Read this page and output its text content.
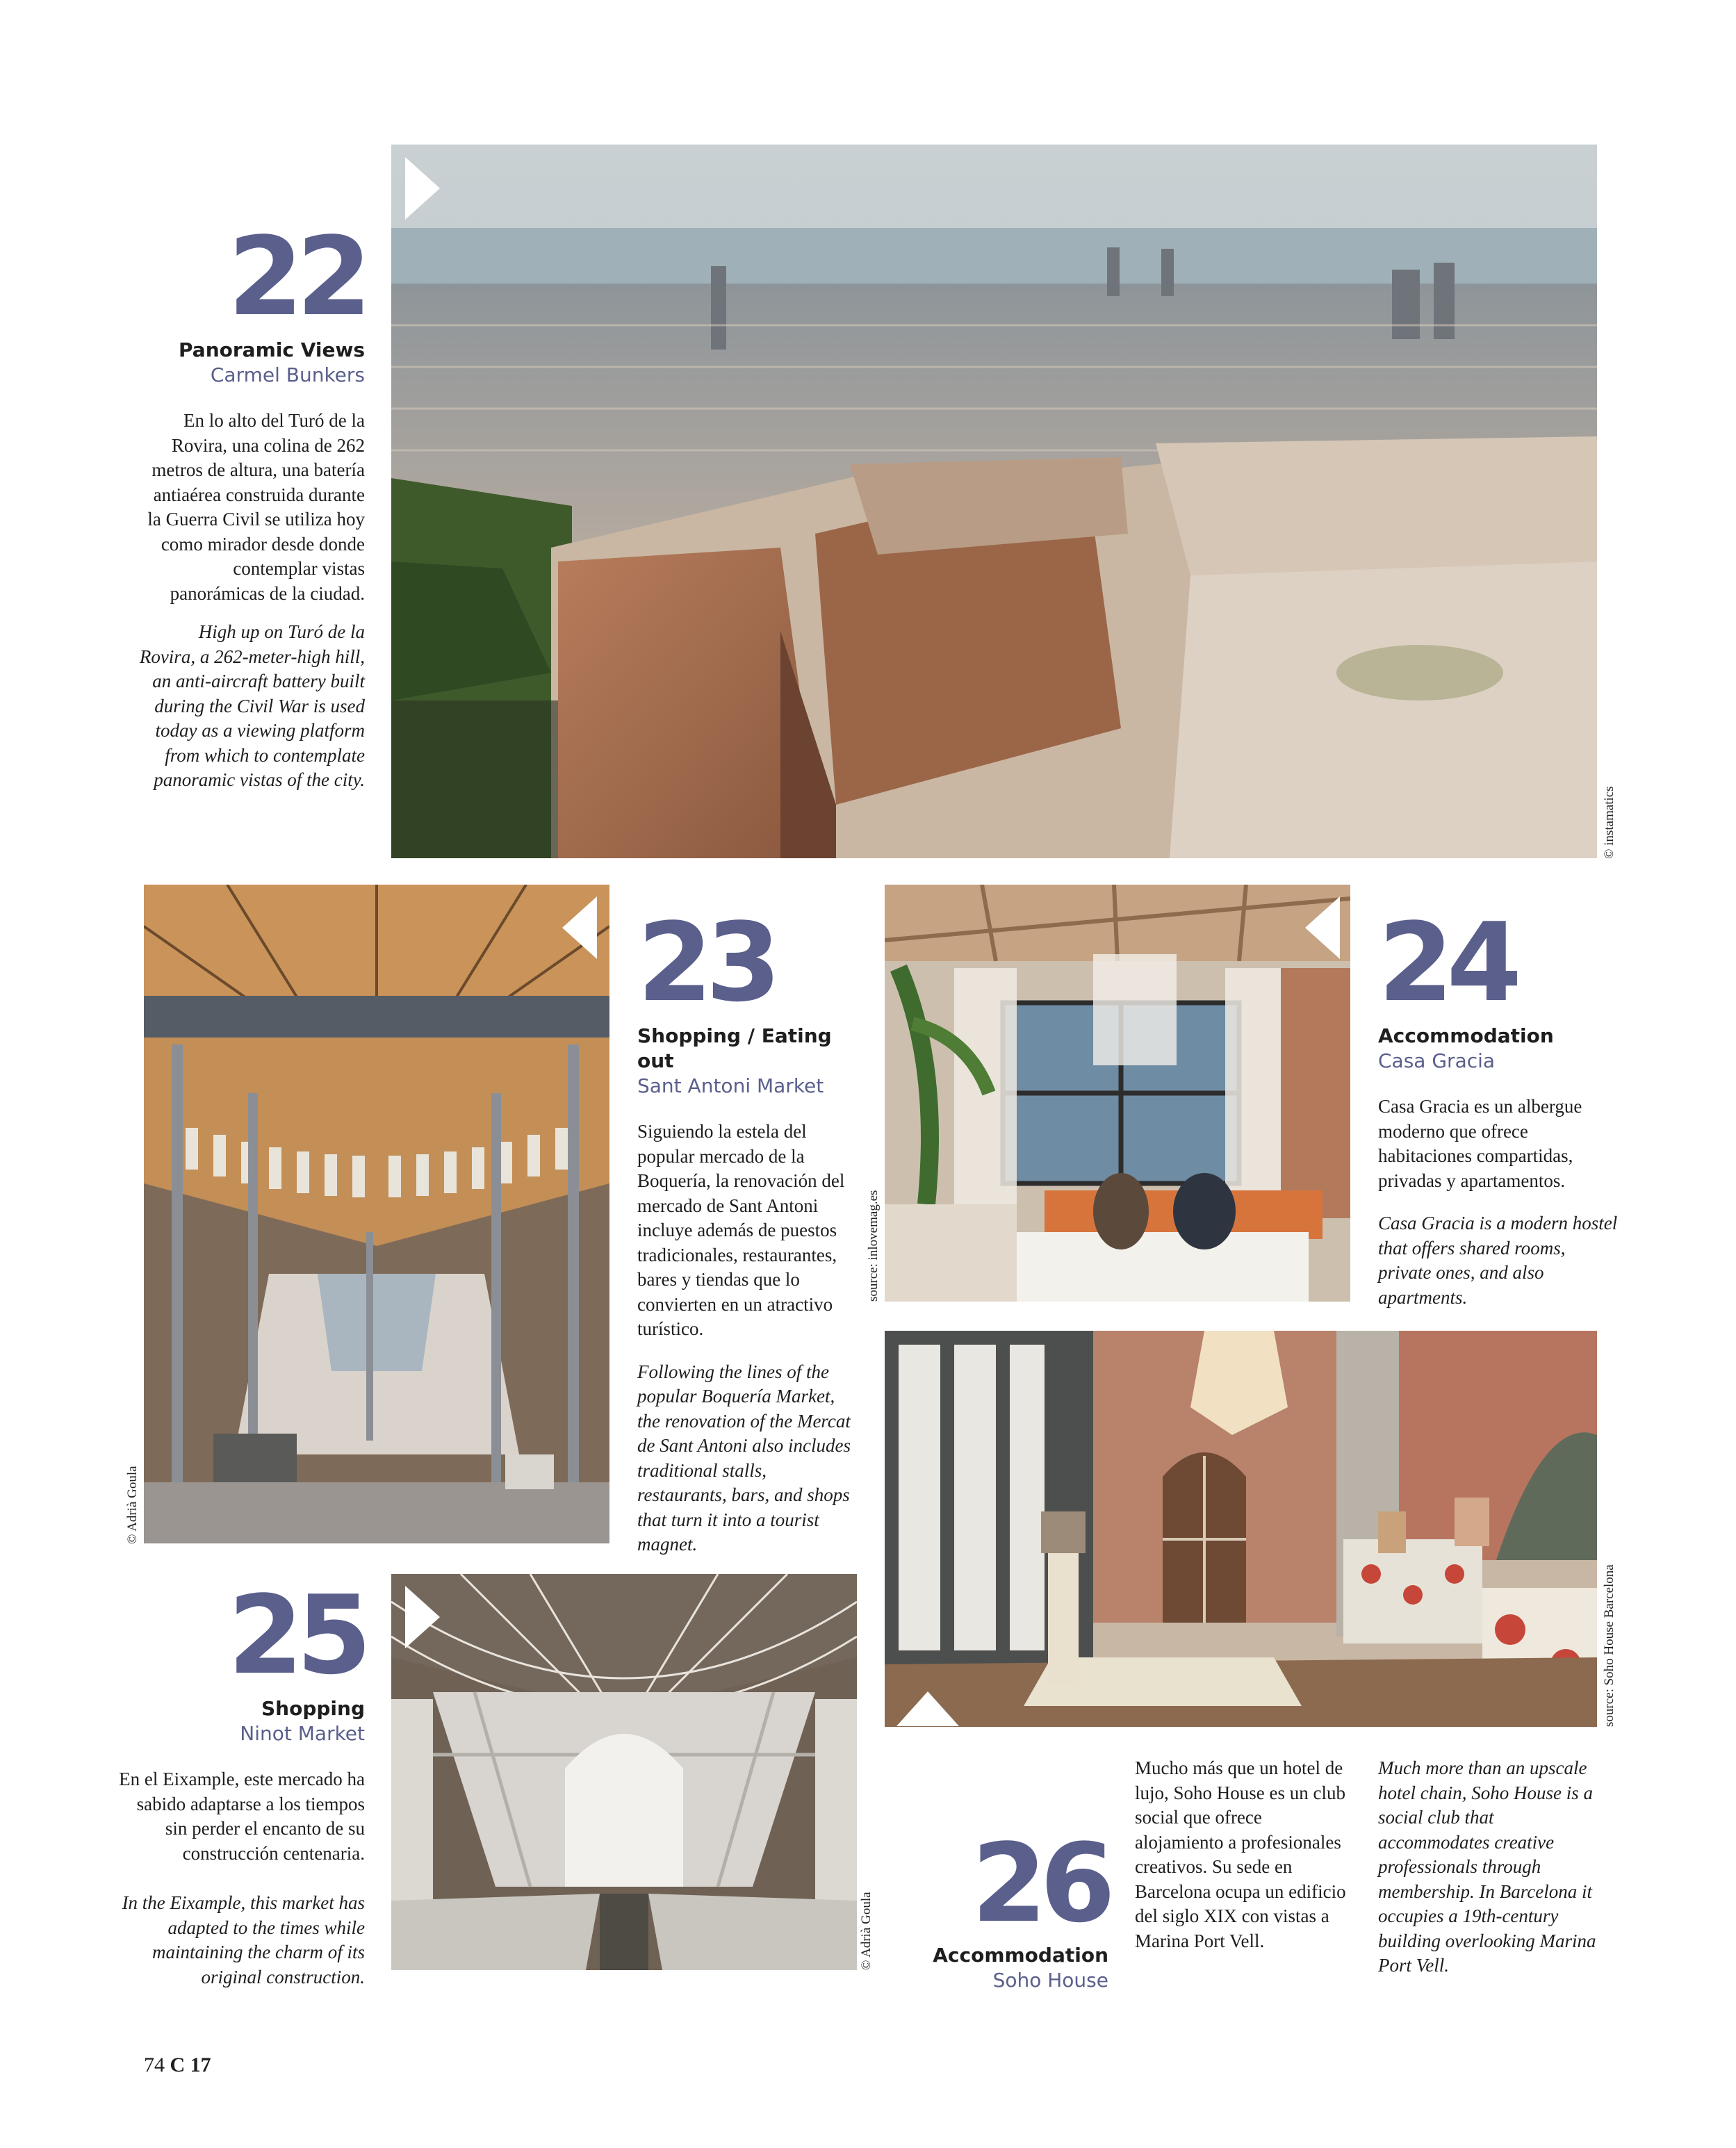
© instamatics
22
Panoramic Views
Carmel Bunkers
En lo alto del Turó de la Rovira, una colina de 262 metros de altura, una batería antiaérea construida durante la Guerra Civil se utiliza hoy como mirador desde donde contemplar vistas panorámicas de la ciudad.
High up on Turó de la Rovira, a 262-meter-high hill, an anti-aircraft battery built during the Civil War is used today as a viewing platform from which to contemplate panoramic vistas of the city.
© Adrià Goula
23
Shopping / Eating out
Sant Antoni Market
Siguiendo la estela del popular mercado de la Boquería, la renovación del mercado de Sant Antoni incluye además de puestos tradicionales, restaurantes, bares y tiendas que lo convierten en un atractivo turístico.
Following the lines of the popular Boquería Market, the renovation of the Mercat de Sant Antoni also includes traditional stalls, restaurants, bars, and shops that turn it into a tourist magnet.
source: inlovemag.es
24
Accommodation
Casa Gracia
Casa Gracia es un albergue moderno que ofrece habitaciones compartidas, privadas y apartamentos.
Casa Gracia is a modern hostel that offers shared rooms, private ones, and also apartments.
source: Soho House Barcelona
© Adrià Goula
25
Shopping
Ninot Market
En el Eixample, este mercado ha sabido adaptarse a los tiempos sin perder el encanto de su construcción centenaria.
In the Eixample, this market has adapted to the times while maintaining the charm of its original construction.
26
Accommodation
Soho House
Mucho más que un hotel de lujo, Soho House es un club social que ofrece alojamiento a profesionales creativos. Su sede en Barcelona ocupa un edificio del siglo XIX con vistas a Marina Port Vell.
Much more than an upscale hotel chain, Soho House is a social club that accommodates creative professionals through membership. In Barcelona it occupies a 19th-century building overlooking Marina Port Vell.
74 C 17
